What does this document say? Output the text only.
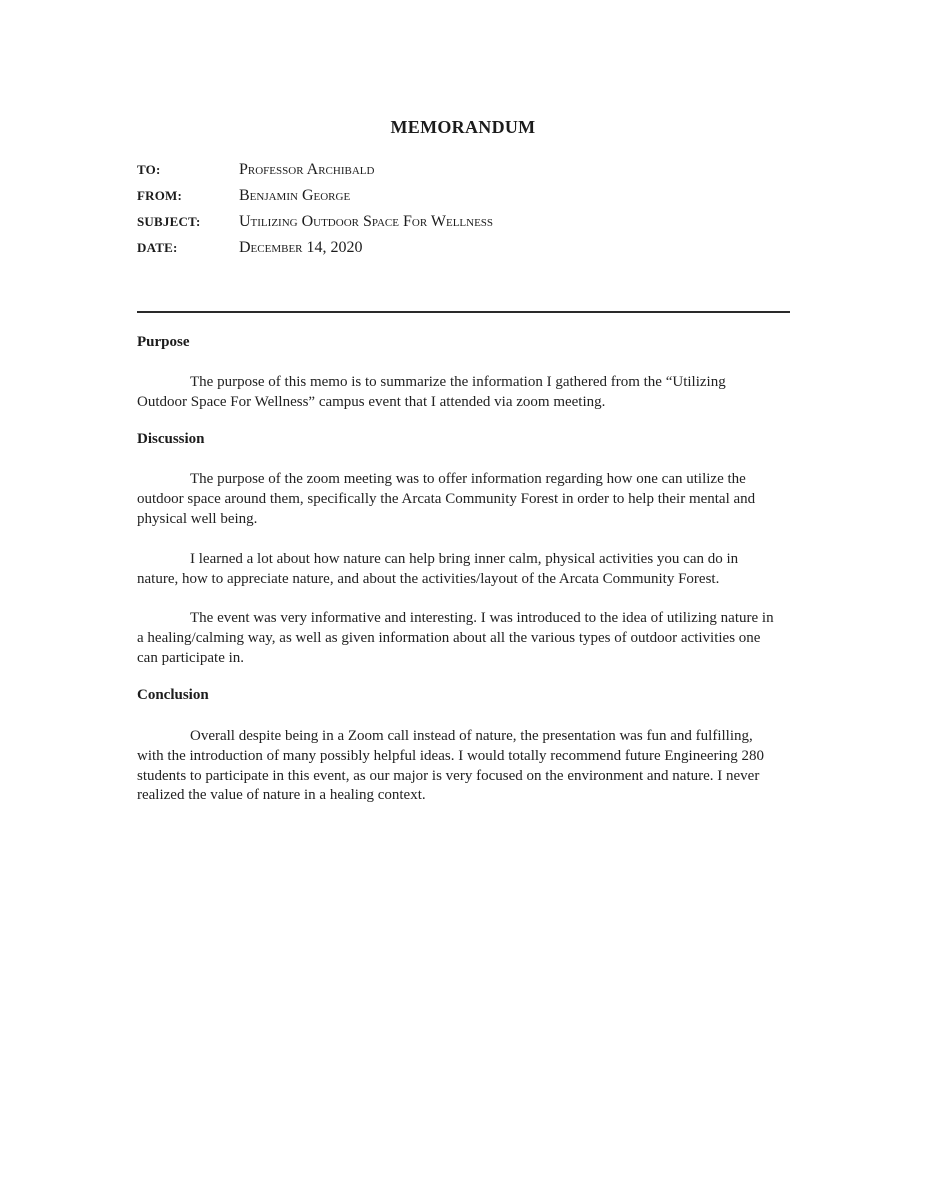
MEMORANDUM
TO:	Professor Archibald
FROM:	Benjamin George
SUBJECT:	Utilizing Outdoor Space For Wellness
DATE:	December 14, 2020
Purpose

The purpose of this memo is to summarize the information I gathered from the “Utilizing Outdoor Space For Wellness” campus event that I attended via zoom meeting.

Discussion

The purpose of the zoom meeting was to offer information regarding how one can utilize the outdoor space around them, specifically the Arcata Community Forest in order to help their mental and physical well being.

I learned a lot about how nature can help bring inner calm, physical activities you can do in nature, how to appreciate nature, and about the activities/layout of the Arcata Community Forest.

The event was very informative and interesting. I was introduced to the idea of utilizing nature in a healing/calming way, as well as given information about all the various types of outdoor activities one can participate in.

Conclusion

Overall despite being in a Zoom call instead of nature, the presentation was fun and fulfilling, with the introduction of many possibly helpful ideas. I would totally recommend future Engineering 280 students to participate in this event, as our major is very focused on the environment and nature. I never realized the value of nature in a healing context.
